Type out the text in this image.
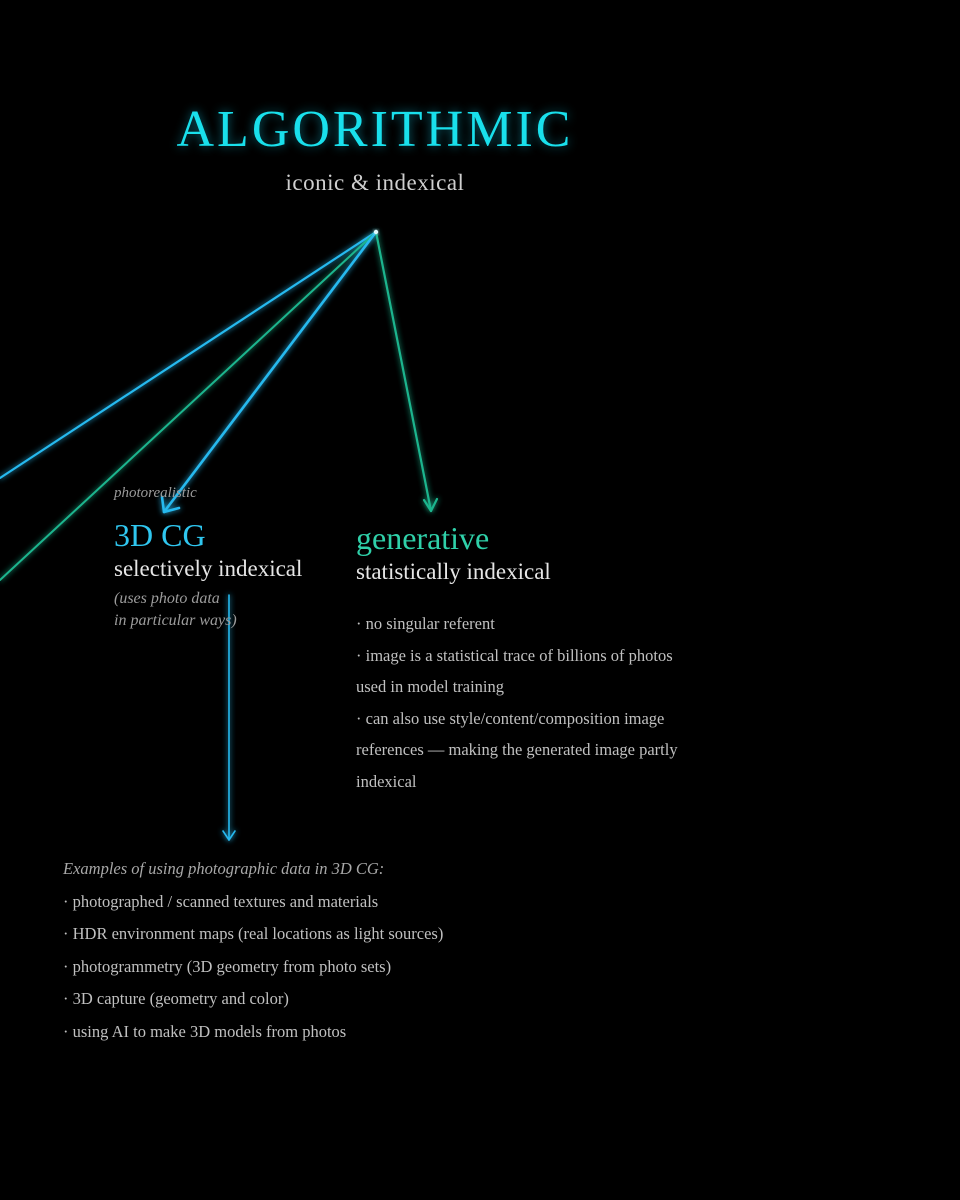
ALGORITHMIC
iconic & indexical
photorealistic
3D CG
selectively indexical
(uses photo data
in particular ways)
generative
statistically indexical
· no singular referent
· image is a statistical trace of billions of photos
used in model training
· can also use style/content/composition image
references — making the generated image partly
indexical
Examples of using photographic data in 3D CG:
· photographed / scanned textures and materials
· HDR environment maps (real locations as light sources)
· photogrammetry (3D geometry from photo sets)
· 3D capture (geometry and color)
· using AI to make 3D models from photos
